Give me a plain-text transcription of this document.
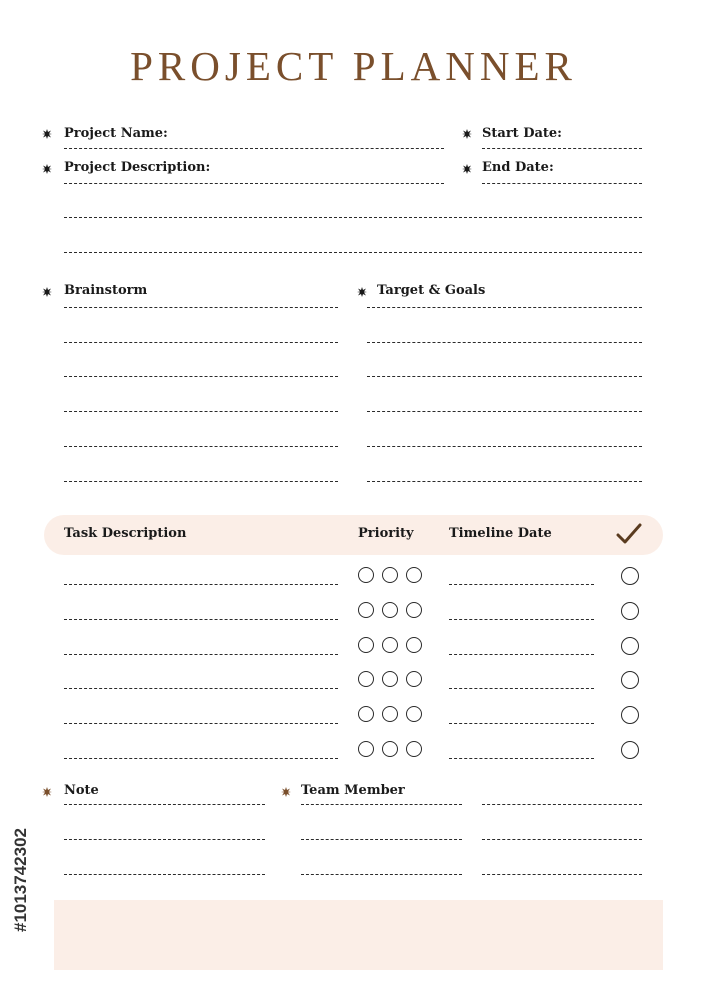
PROJECT PLANNER
Project Name:	Start Date:
Project Description:	End Date:
Brainstorm	Target & Goals
Task Description	Priority	Timeline Date
Note	Team Member
#1013742302
